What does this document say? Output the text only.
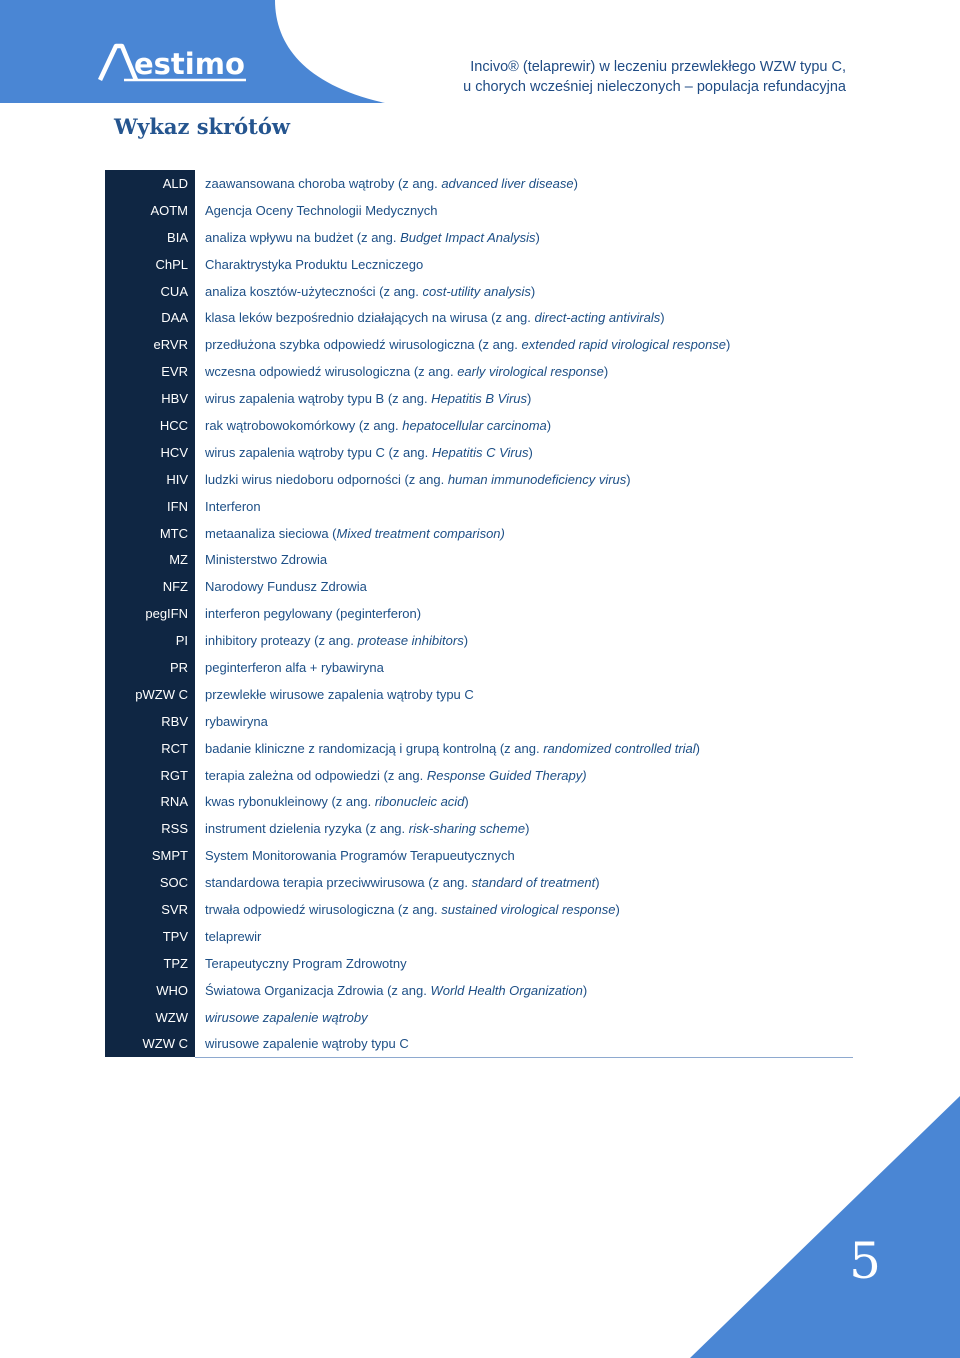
estimo	Incivo® (telaprewir) w leczeniu przewlekłego WZW typu C,
u chorych wcześniej nieleczonych – populacja refundacyjna
Wykaz skrótów
ALD	zaawansowana choroba wątroby (z ang. advanced liver disease)
AOTM	Agencja Oceny Technologii Medycznych
BIA	analiza wpływu na budżet (z ang. Budget Impact Analysis)
ChPL	Charaktrystyka Produktu Leczniczego
CUA	analiza kosztów-użyteczności (z ang. cost-utility analysis)
DAA	klasa leków bezpośrednio działających na wirusa (z ang. direct-acting antivirals)
eRVR	przedłużona szybka odpowiedź wirusologiczna (z ang. extended rapid virological response)
EVR	wczesna odpowiedź wirusologiczna (z ang. early virological response)
HBV	wirus zapalenia wątroby typu B (z ang. Hepatitis B Virus)
HCC	rak wątrobowokomórkowy (z ang. hepatocellular carcinoma)
HCV	wirus zapalenia wątroby typu C (z ang. Hepatitis C Virus)
HIV	ludzki wirus niedoboru odporności (z ang. human immunodeficiency virus)
IFN	Interferon
MTC	metaanaliza sieciowa (Mixed treatment comparison)
MZ	Ministerstwo Zdrowia
NFZ	Narodowy Fundusz Zdrowia
pegIFN	interferon pegylowany (peginterferon)
PI	inhibitory proteazy (z ang. protease inhibitors)
PR	peginterferon alfa + rybawiryna
pWZW C	przewlekłe wirusowe zapalenia wątroby typu C
RBV	rybawiryna
RCT	badanie kliniczne z randomizacją i grupą kontrolną (z ang. randomized controlled trial)
RGT	terapia zależna od odpowiedzi (z ang. Response Guided Therapy)
RNA	kwas rybonukleinowy (z ang. ribonucleic acid)
RSS	instrument dzielenia ryzyka (z ang. risk-sharing scheme)
SMPT	System Monitorowania Programów Terapueutycznych
SOC	standardowa terapia przeciwwirusowa (z ang. standard of treatment)
SVR	trwała odpowiedź wirusologiczna (z ang. sustained virological response)
TPV	telaprewir
TPZ	Terapeutyczny Program Zdrowotny
WHO	Światowa Organizacja Zdrowia (z ang. World Health Organization)
WZW	wirusowe zapalenie wątroby
WZW C	wirusowe zapalenie wątroby typu C
5
